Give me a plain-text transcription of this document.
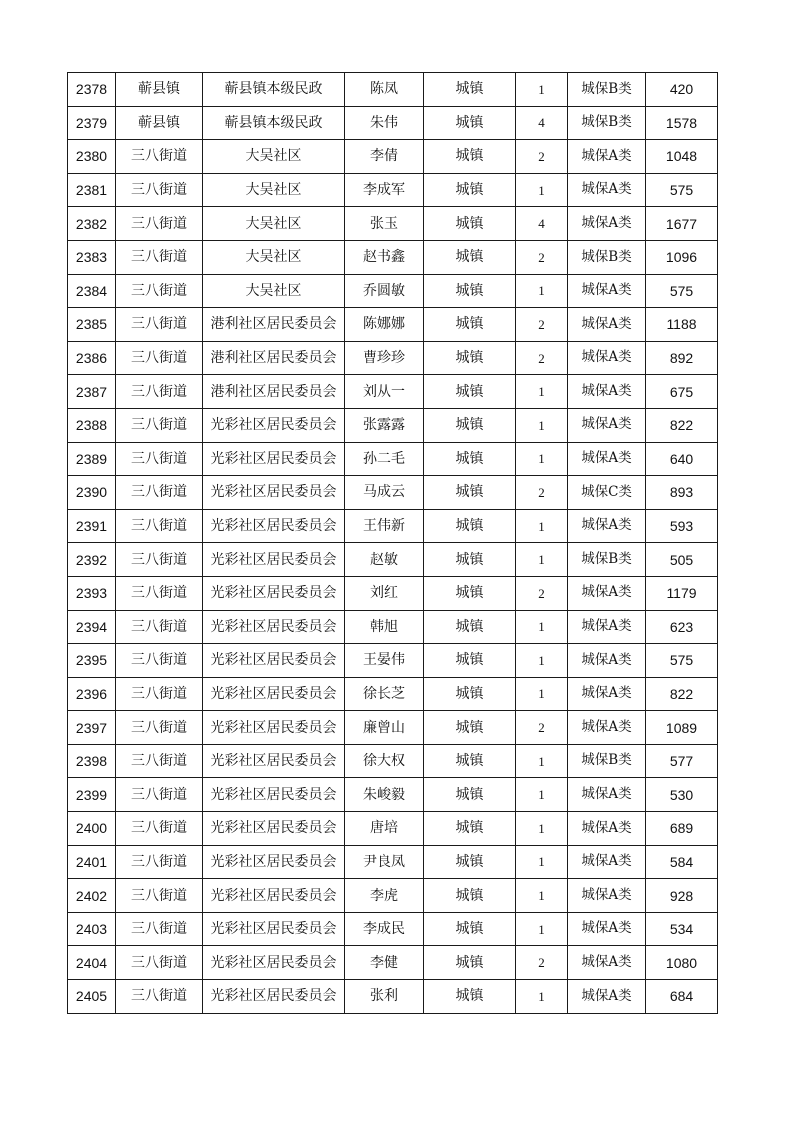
2378	蕲县镇	蕲县镇本级民政	陈凤	城镇	1	城保B类	420
2379	蕲县镇	蕲县镇本级民政	朱伟	城镇	4	城保B类	1578
2380	三八街道	大吴社区	李倩	城镇	2	城保A类	1048
2381	三八街道	大吴社区	李成军	城镇	1	城保A类	575
2382	三八街道	大吴社区	张玉	城镇	4	城保A类	1677
2383	三八街道	大吴社区	赵书鑫	城镇	2	城保B类	1096
2384	三八街道	大吴社区	乔圆敏	城镇	1	城保A类	575
2385	三八街道	港利社区居民委员会	陈娜娜	城镇	2	城保A类	1188
2386	三八街道	港利社区居民委员会	曹珍珍	城镇	2	城保A类	892
2387	三八街道	港利社区居民委员会	刘从一	城镇	1	城保A类	675
2388	三八街道	光彩社区居民委员会	张露露	城镇	1	城保A类	822
2389	三八街道	光彩社区居民委员会	孙二毛	城镇	1	城保A类	640
2390	三八街道	光彩社区居民委员会	马成云	城镇	2	城保C类	893
2391	三八街道	光彩社区居民委员会	王伟新	城镇	1	城保A类	593
2392	三八街道	光彩社区居民委员会	赵敏	城镇	1	城保B类	505
2393	三八街道	光彩社区居民委员会	刘红	城镇	2	城保A类	1179
2394	三八街道	光彩社区居民委员会	韩旭	城镇	1	城保A类	623
2395	三八街道	光彩社区居民委员会	王晏伟	城镇	1	城保A类	575
2396	三八街道	光彩社区居民委员会	徐长芝	城镇	1	城保A类	822
2397	三八街道	光彩社区居民委员会	廉曾山	城镇	2	城保A类	1089
2398	三八街道	光彩社区居民委员会	徐大权	城镇	1	城保B类	577
2399	三八街道	光彩社区居民委员会	朱峻毅	城镇	1	城保A类	530
2400	三八街道	光彩社区居民委员会	唐培	城镇	1	城保A类	689
2401	三八街道	光彩社区居民委员会	尹良凤	城镇	1	城保A类	584
2402	三八街道	光彩社区居民委员会	李虎	城镇	1	城保A类	928
2403	三八街道	光彩社区居民委员会	李成民	城镇	1	城保A类	534
2404	三八街道	光彩社区居民委员会	李健	城镇	2	城保A类	1080
2405	三八街道	光彩社区居民委员会	张利	城镇	1	城保A类	684
